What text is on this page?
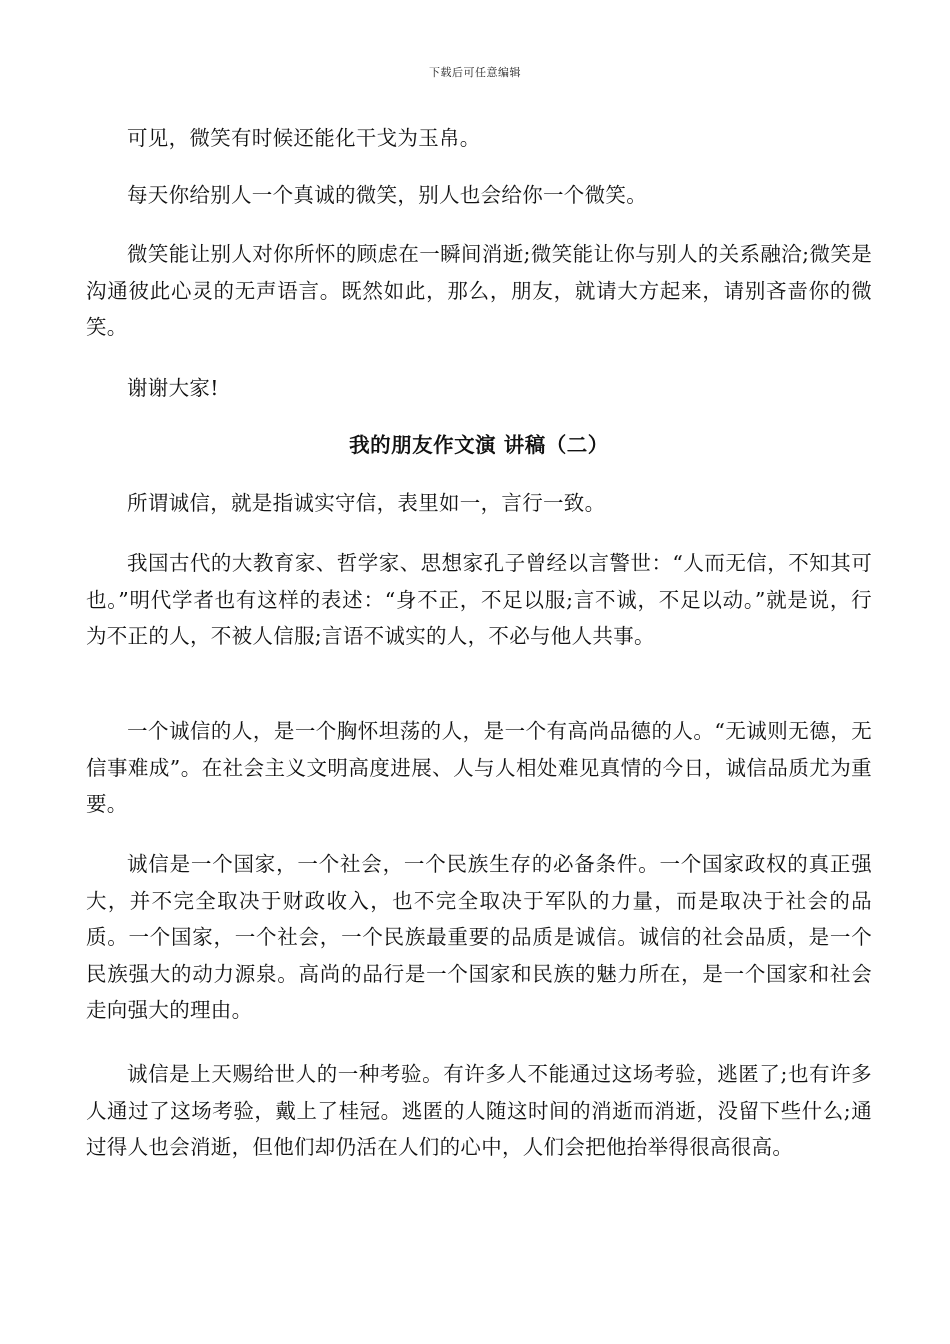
下载后可任意编辑

可见，微笑有时候还能化干戈为玉帛。

每天你给别人一个真诚的微笑，别人也会给你一个微笑。

微笑能让别人对你所怀的顾虑在一瞬间消逝;微笑能让你与别人的关系融洽;微笑是沟通彼此心灵的无声语言。既然如此，那么，朋友，就请大方起来，请别吝啬你的微笑。

谢谢大家!

我的朋友作文演 讲稿（二）

所谓诚信，就是指诚实守信，表里如一，言行一致。

我国古代的大教育家、哲学家、思想家孔子曾经以言警世：“人而无信，不知其可也。”明代学者也有这样的表述：“身不正，不足以服;言不诚，不足以动。”就是说，行为不正的人，不被人信服;言语不诚实的人，不必与他人共事。

一个诚信的人，是一个胸怀坦荡的人，是一个有高尚品德的人。“无诚则无德，无信事难成”。在社会主义文明高度进展、人与人相处难见真情的今日，诚信品质尤为重要。

诚信是一个国家，一个社会，一个民族生存的必备条件。一个国家政权的真正强大，并不完全取决于财政收入，也不完全取决于军队的力量，而是取决于社会的品质。一个国家，一个社会，一个民族最重要的品质是诚信。诚信的社会品质，是一个民族强大的动力源泉。高尚的品行是一个国家和民族的魅力所在，是一个国家和社会走向强大的理由。

诚信是上天赐给世人的一种考验。有许多人不能通过这场考验，逃匿了;也有许多人通过了这场考验，戴上了桂冠。逃匿的人随这时间的消逝而消逝，没留下些什么;通过得人也会消逝，但他们却仍活在人们的心中，人们会把他抬举得很高很高。
